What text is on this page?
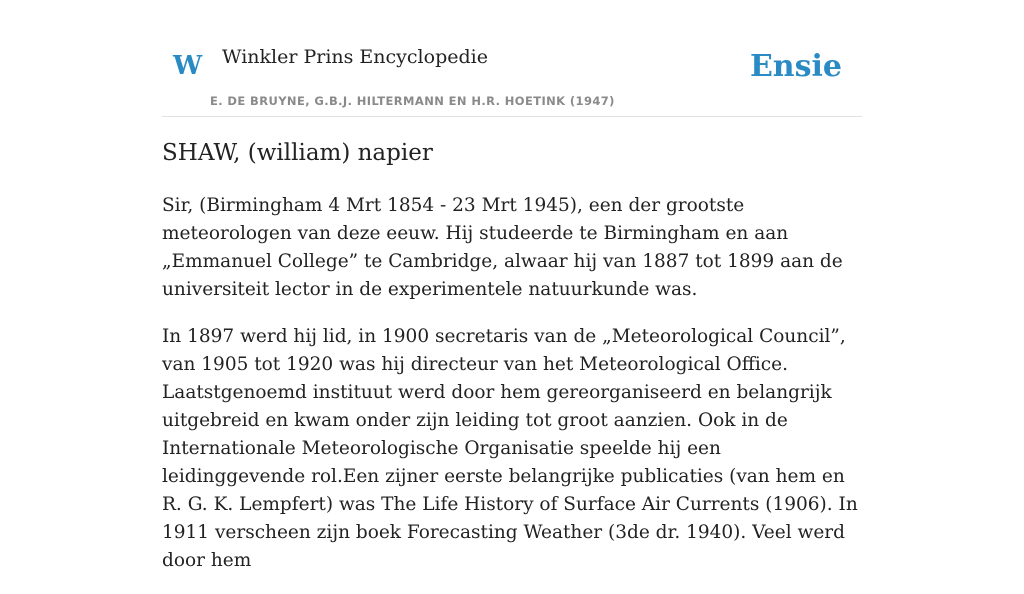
W Winkler Prins Encyclopedie
E. DE BRUYNE, G.B.J. HILTERMANN EN H.R. HOETINK (1947)
Ensie
SHAW, (william) napier

Sir, (Birmingham 4 Mrt 1854 - 23 Mrt 1945), een der grootste meteorologen van deze eeuw. Hij studeerde te Birmingham en aan „Emmanuel College” te Cambridge, alwaar hij van 1887 tot 1899 aan de universiteit lector in de experimentele natuurkunde was.

In 1897 werd hij lid, in 1900 secretaris van de „Meteorological Council”, van 1905 tot 1920 was hij directeur van het Meteorological Office. Laatstgenoemd instituut werd door hem gereorganiseerd en belangrijk uitgebreid en kwam onder zijn leiding tot groot aanzien. Ook in de Internationale Meteorologische Organisatie speelde hij een leidinggevende rol.Een zijner eerste belangrijke publicaties (van hem en R. G. K. Lempfert) was The Life History of Surface Air Currents (1906). In 1911 verscheen zijn boek Forecasting Weather (3de dr. 1940). Veel werd door hem
